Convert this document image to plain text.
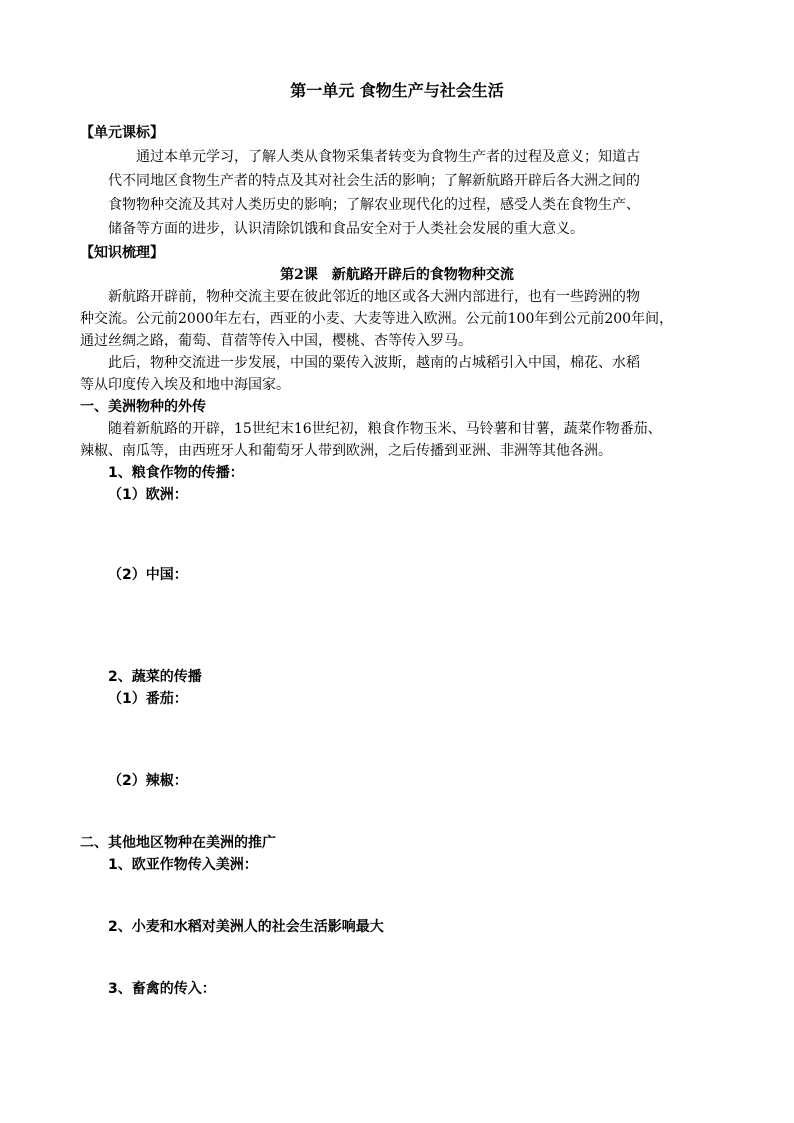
第一单元 食物生产与社会生活
【单元课标】
通过本单元学习，了解人类从食物采集者转变为食物生产者的过程及意义；知道古
代不同地区食物生产者的特点及其对社会生活的影响；了解新航路开辟后各大洲之间的
食物物种交流及其对人类历史的影响；了解农业现代化的过程，感受人类在食物生产、
储备等方面的进步，认识清除饥饿和食品安全对于人类社会发展的重大意义。
【知识梳理】
第2课　新航路开辟后的食物物种交流
新航路开辟前，物种交流主要在彼此邻近的地区或各大洲内部进行，也有一些跨洲的物
种交流。公元前2000年左右，西亚的小麦、大麦等进入欧洲。公元前100年到公元前200年间，
通过丝绸之路，葡萄、苜蓿等传入中国，樱桃、杏等传入罗马。
此后，物种交流进一步发展，中国的粟传入波斯，越南的占城稻引入中国，棉花、水稻
等从印度传入埃及和地中海国家。
一、美洲物种的外传
随着新航路的开辟，15世纪末16世纪初，粮食作物玉米、马铃薯和甘薯，蔬菜作物番茄、
辣椒、南瓜等，由西班牙人和葡萄牙人带到欧洲，之后传播到亚洲、非洲等其他各洲。
1、粮食作物的传播：
（1）欧洲：
（2）中国：
2、蔬菜的传播
（1）番茄：
（2）辣椒：
二、其他地区物种在美洲的推广
1、欧亚作物传入美洲：
2、小麦和水稻对美洲人的社会生活影响最大
3、畜禽的传入：
